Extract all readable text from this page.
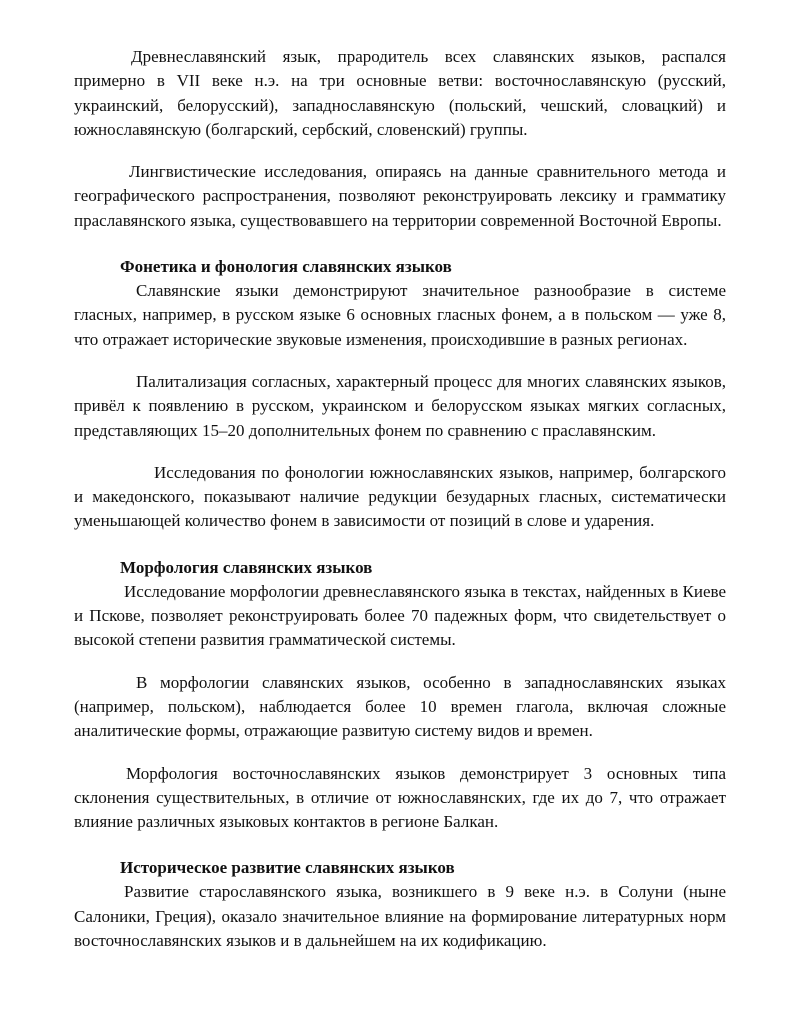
Древнеславянский язык, прародитель всех славянских языков, распался примерно в VII веке н.э. на три основные ветви: восточнославянскую (русский, украинский, белорусский), западнославянскую (польский, чешский, словацкий) и южнославянскую (болгарский, сербский, словенский) группы.

Лингвистические исследования, опираясь на данные сравнительного метода и географического распространения, позволяют реконструировать лексику и грамматику праславянского языка, существовавшего на территории современной Восточной Европы.

Фонетика и фонология славянских языков

Славянские языки демонстрируют значительное разнообразие в системе гласных, например, в русском языке 6 основных гласных фонем, а в польском — уже 8, что отражает исторические звуковые изменения, происходившие в разных регионах.

Палитализация согласных, характерный процесс для многих славянских языков, привёл к появлению в русском, украинском и белорусском языках мягких согласных, представляющих 15–20 дополнительных фонем по сравнению с праславянским.

Исследования по фонологии южнославянских языков, например, болгарского и македонского, показывают наличие редукции безударных гласных, систематически уменьшающей количество фонем в зависимости от позиций в слове и ударения.

Морфология славянских языков

Исследование морфологии древнеславянского языка в текстах, найденных в Киеве и Пскове, позволяет реконструировать более 70 падежных форм, что свидетельствует о высокой степени развития грамматической системы.

В морфологии славянских языков, особенно в западнославянских языках (например, польском), наблюдается более 10 времен глагола, включая сложные аналитические формы, отражающие развитую систему видов и времен.

Морфология восточнославянских языков демонстрирует 3 основных типа склонения существительных, в отличие от южнославянских, где их до 7, что отражает влияние различных языковых контактов в регионе Балкан.

Историческое развитие славянских языков

Развитие старославянского языка, возникшего в 9 веке н.э. в Солуни (ныне Салоники, Греция), оказало значительное влияние на формирование литературных норм восточнославянских языков и в дальнейшем на их кодификацию.
